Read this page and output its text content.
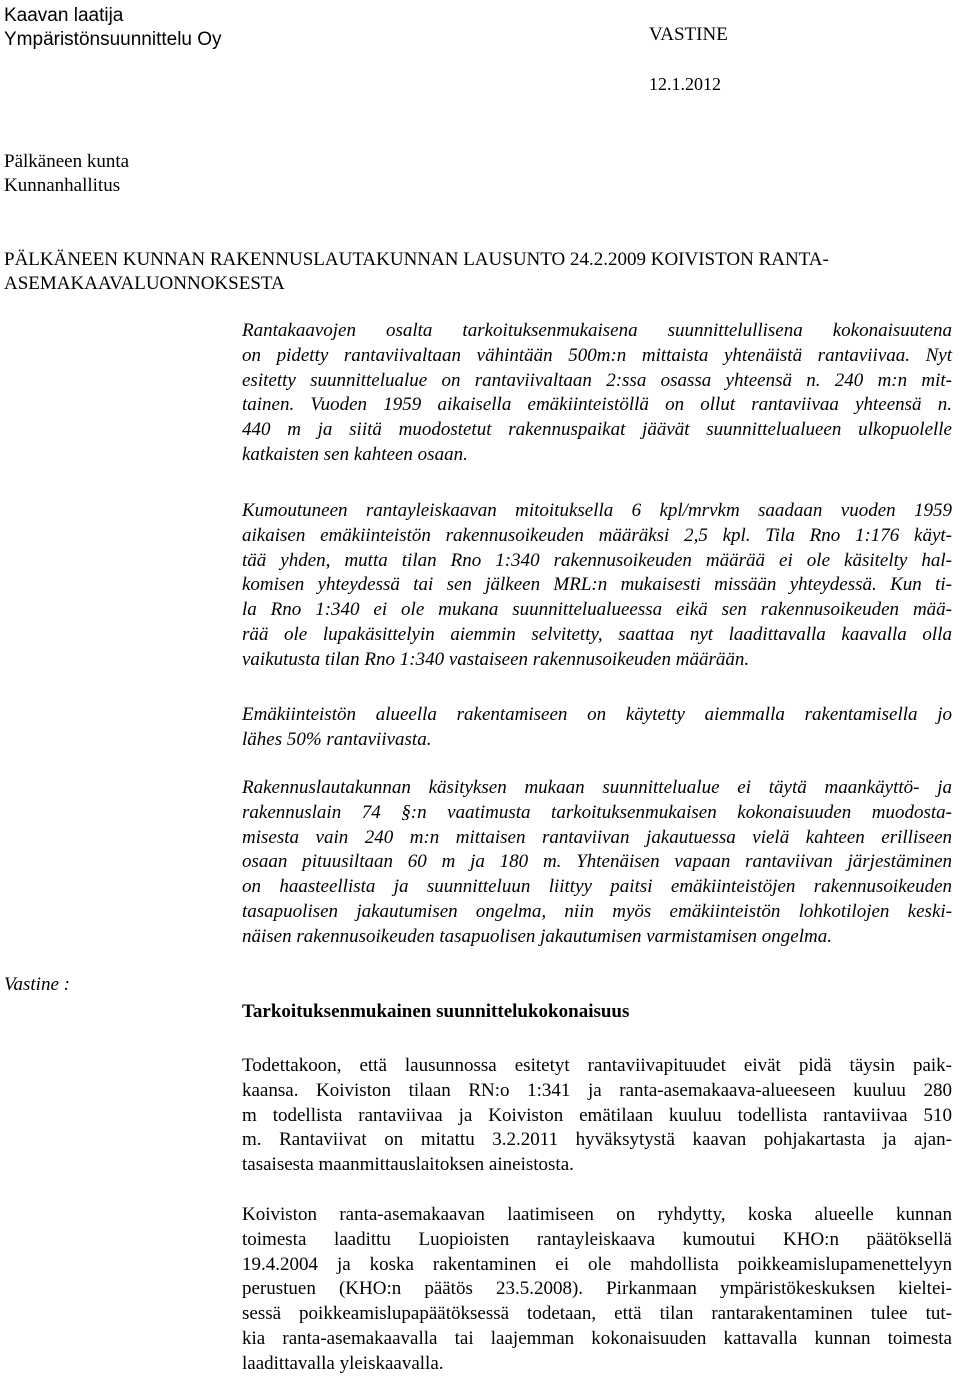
Kaavan laatija
Ympäristönsuunnittelu Oy	VASTINE
12.1.2012
Pälkäneen kunta
Kunnanhallitus
PÄLKÄNEEN KUNNAN RAKENNUSLAUTAKUNNAN LAUSUNTO 24.2.2009 KOIVISTON RANTA-
ASEMAKAAVALUONNOKSESTA
Rantakaavojen osalta tarkoituksenmukaisena suunnittelullisena kokonaisuutena
on pidetty rantaviivaltaan vähintään 500m:n mittaista yhtenäistä rantaviivaa. Nyt
esitetty suunnittelualue on rantaviivaltaan 2:ssa osassa yhteensä n. 240 m:n mit-
tainen. Vuoden 1959 aikaisella emäkiinteistöllä on ollut rantaviivaa yhteensä n.
440 m ja siitä muodostetut rakennuspaikat jäävät suunnittelualueen ulkopuolelle
katkaisten sen kahteen osaan.
Kumoutuneen rantayleiskaavan mitoituksella 6 kpl/mrvkm saadaan vuoden 1959
aikaisen emäkiinteistön rakennusoikeuden määräksi 2,5 kpl. Tila Rno 1:176 käyt-
tää yhden, mutta tilan Rno 1:340 rakennusoikeuden määrää ei ole käsitelty hal-
komisen yhteydessä tai sen jälkeen MRL:n mukaisesti missään yhteydessä. Kun ti-
la Rno 1:340 ei ole mukana suunnittelualueessa eikä sen rakennusoikeuden mää-
rää ole lupakäsittelyin aiemmin selvitetty, saattaa nyt laadittavalla kaavalla olla
vaikutusta tilan Rno 1:340 vastaiseen rakennusoikeuden määrään.
Emäkiinteistön alueella rakentamiseen on käytetty aiemmalla rakentamisella jo
lähes 50% rantaviivasta.
Rakennuslautakunnan käsityksen mukaan suunnittelualue ei täytä maankäyttö- ja
rakennuslain 74 §:n vaatimusta tarkoituksenmukaisen kokonaisuuden muodosta-
misesta vain 240 m:n mittaisen rantaviivan jakautuessa vielä kahteen erilliseen
osaan pituusiltaan 60 m ja 180 m. Yhtenäisen vapaan rantaviivan järjestäminen
on haasteellista ja suunnitteluun liittyy paitsi emäkiinteistöjen rakennusoikeuden
tasapuolisen jakautumisen ongelma, niin myös emäkiinteistön lohkotilojen keski-
näisen rakennusoikeuden tasapuolisen jakautumisen varmistamisen ongelma.
Vastine :
Tarkoituksenmukainen suunnittelukokonaisuus
Todettakoon, että lausunnossa esitetyt rantaviivapituudet eivät pidä täysin paik-
kaansa. Koiviston tilaan RN:o 1:341 ja ranta-asemakaava-alueeseen kuuluu 280
m todellista rantaviivaa ja Koiviston emätilaan kuuluu todellista rantaviivaa 510
m. Rantaviivat on mitattu 3.2.2011 hyväksytystä kaavan pohjakartasta ja ajan-
tasaisesta maanmittauslaitoksen aineistosta.
Koiviston ranta-asemakaavan laatimiseen on ryhdytty, koska alueelle kunnan
toimesta laadittu Luopioisten rantayleiskaava kumoutui KHO:n päätöksellä
19.4.2004 ja koska rakentaminen ei ole mahdollista poikkeamislupamenettelyyn
perustuen (KHO:n päätös 23.5.2008). Pirkanmaan ympäristökeskuksen kieltei-
sessä poikkeamislupapäätöksessä todetaan, että tilan rantarakentaminen tulee tut-
kia ranta-asemakaavalla tai laajemman kokonaisuuden kattavalla kunnan toimesta
laadittavalla yleiskaavalla.
